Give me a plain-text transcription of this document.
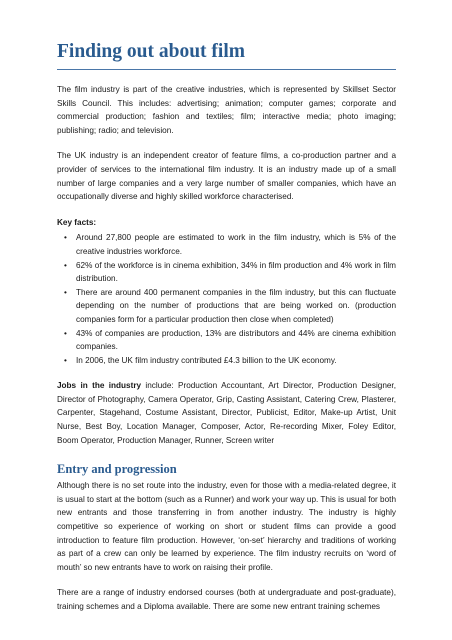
Finding out about film

The film industry is part of the creative industries, which is represented by Skillset Sector Skills Council. This includes: advertising; animation; computer games; corporate and commercial production; fashion and textiles; film; interactive media; photo imaging; publishing; radio; and television.

The UK industry is an independent creator of feature films, a co-production partner and a provider of services to the international film industry. It is an industry made up of a small number of large companies and a very large number of smaller companies, which have an occupationally diverse and highly skilled workforce characterised.

Key facts:
• Around 27,800 people are estimated to work in the film industry, which is 5% of the creative industries workforce.
• 62% of the workforce is in cinema exhibition, 34% in film production and 4% work in film distribution.
• There are around 400 permanent companies in the film industry, but this can fluctuate depending on the number of productions that are being worked on. (production companies form for a particular production then close when completed)
• 43% of companies are production, 13% are distributors and 44% are cinema exhibition companies.
• In 2006, the UK film industry contributed £4.3 billion to the UK economy.

Jobs in the industry include: Production Accountant, Art Director, Production Designer, Director of Photography, Camera Operator, Grip, Casting Assistant, Catering Crew, Plasterer, Carpenter, Stagehand, Costume Assistant, Director, Publicist, Editor, Make-up Artist, Unit Nurse, Best Boy, Location Manager, Composer, Actor, Re-recording Mixer, Foley Editor, Boom Operator, Production Manager, Runner, Screen writer

Entry and progression

Although there is no set route into the industry, even for those with a media-related degree, it is usual to start at the bottom (such as a Runner) and work your way up. This is usual for both new entrants and those transferring in from another industry. The industry is highly competitive so experience of working on short or student films can provide a good introduction to feature film production. However, ‘on-set’ hierarchy and traditions of working as part of a crew can only be learned by experience. The film industry recruits on ‘word of mouth’ so new entrants have to work on raising their profile.

There are a range of industry endorsed courses (both at undergraduate and post-graduate), training schemes and a Diploma available. There are some new entrant training schemes
